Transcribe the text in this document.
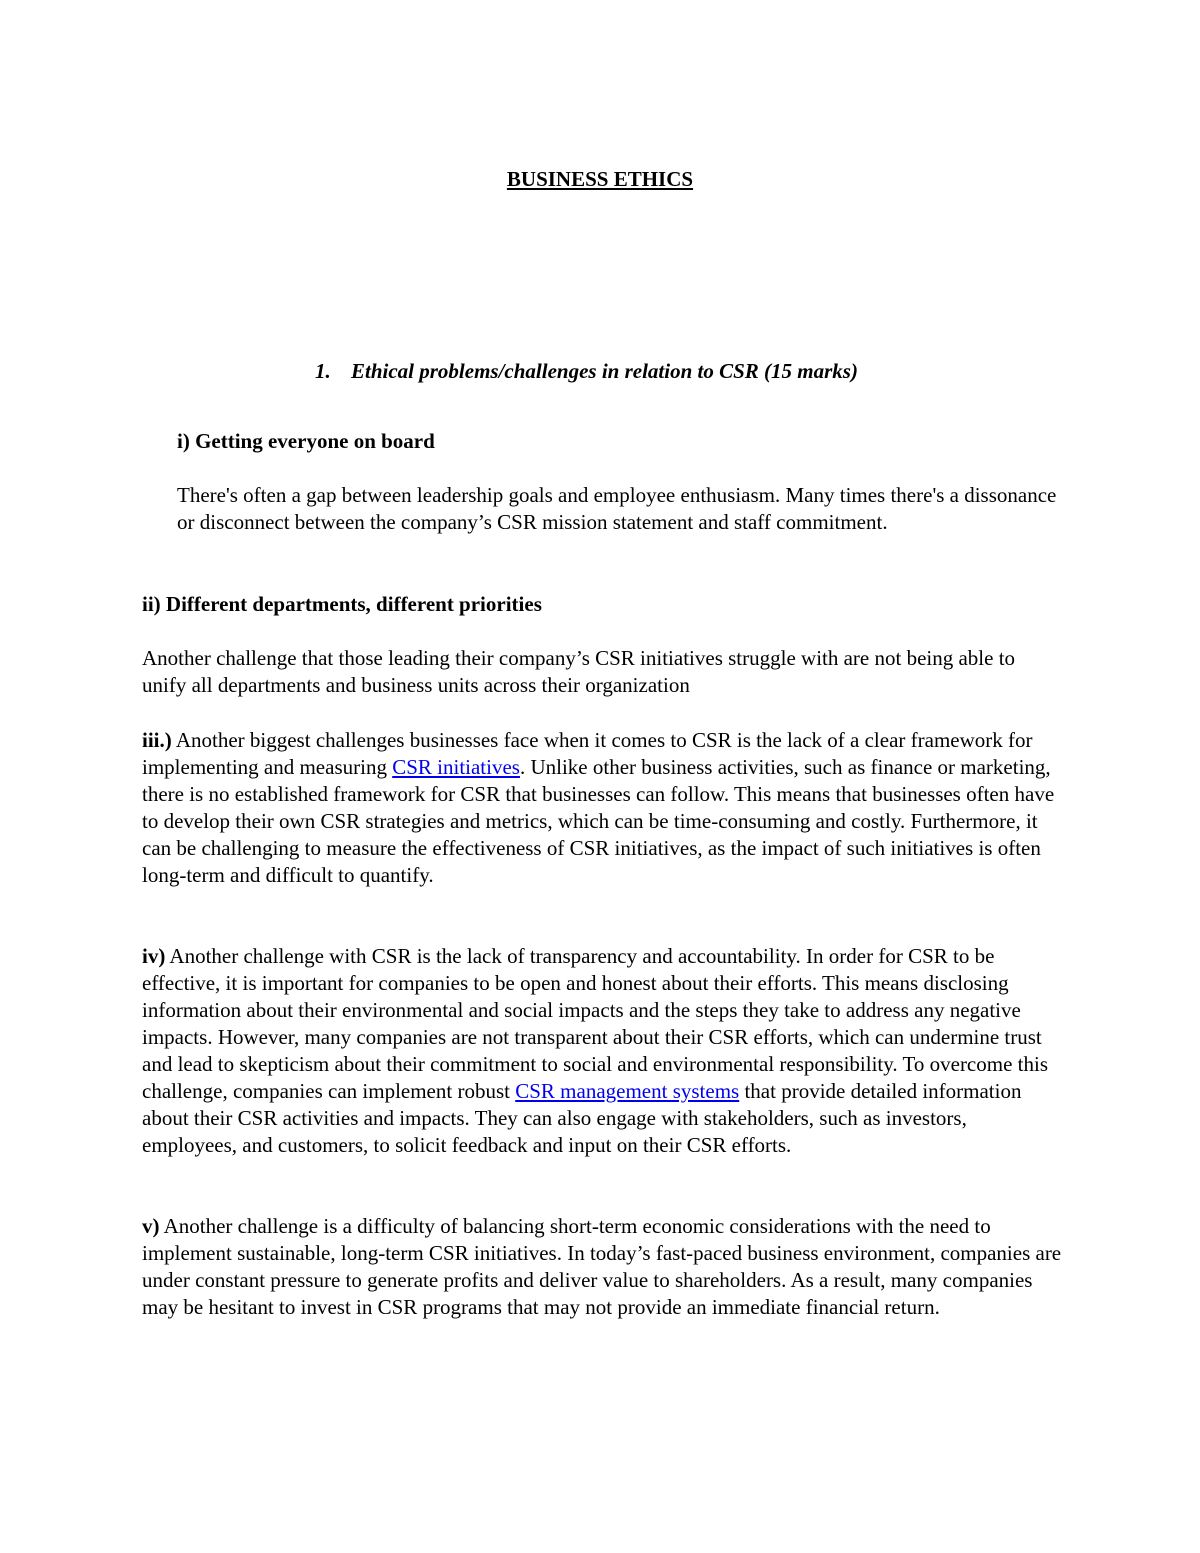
BUSINESS ETHICS
1. Ethical problems/challenges in relation to CSR (15 marks)
i) Getting everyone on board
There's often a gap between leadership goals and employee enthusiasm. Many times there's a dissonance or disconnect between the company’s CSR mission statement and staff commitment.
ii) Different departments, different priorities
Another challenge that those leading their company’s CSR initiatives struggle with are not being able to unify all departments and business units across their organization
iii.) Another biggest challenges businesses face when it comes to CSR is the lack of a clear framework for implementing and measuring CSR initiatives. Unlike other business activities, such as finance or marketing, there is no established framework for CSR that businesses can follow. This means that businesses often have to develop their own CSR strategies and metrics, which can be time-consuming and costly. Furthermore, it can be challenging to measure the effectiveness of CSR initiatives, as the impact of such initiatives is often long-term and difficult to quantify.
iv) Another challenge with CSR is the lack of transparency and accountability. In order for CSR to be effective, it is important for companies to be open and honest about their efforts. This means disclosing information about their environmental and social impacts and the steps they take to address any negative impacts. However, many companies are not transparent about their CSR efforts, which can undermine trust and lead to skepticism about their commitment to social and environmental responsibility. To overcome this challenge, companies can implement robust CSR management systems that provide detailed information about their CSR activities and impacts. They can also engage with stakeholders, such as investors, employees, and customers, to solicit feedback and input on their CSR efforts.
v) Another challenge is a difficulty of balancing short-term economic considerations with the need to implement sustainable, long-term CSR initiatives. In today’s fast-paced business environment, companies are under constant pressure to generate profits and deliver value to shareholders. As a result, many companies may be hesitant to invest in CSR programs that may not provide an immediate financial return.
